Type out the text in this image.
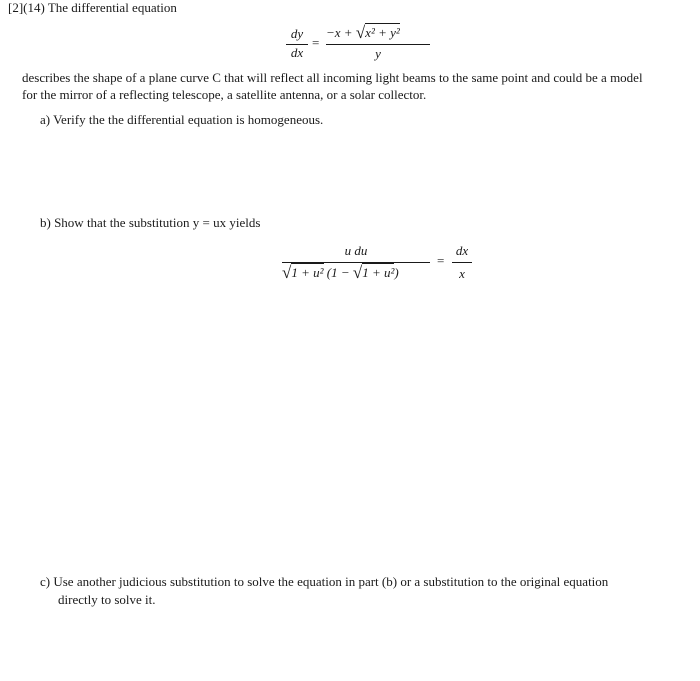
[2](14) The differential equation
dy
dx
=
−x + √x² + y²
y
describes the shape of a plane curve C that will reflect all incoming light beams to the same point and could be a model
for the mirror of a reflecting telescope, a satellite antenna, or a solar collector.
a) Verify the the differential equation is homogeneous.
b) Show that the substitution y = ux yields
u du
√1 + u² (1 − √1 + u²)
=
dx
x
c) Use another judicious substitution to solve the equation in part (b) or a substitution to the original equation
directly to solve it.
